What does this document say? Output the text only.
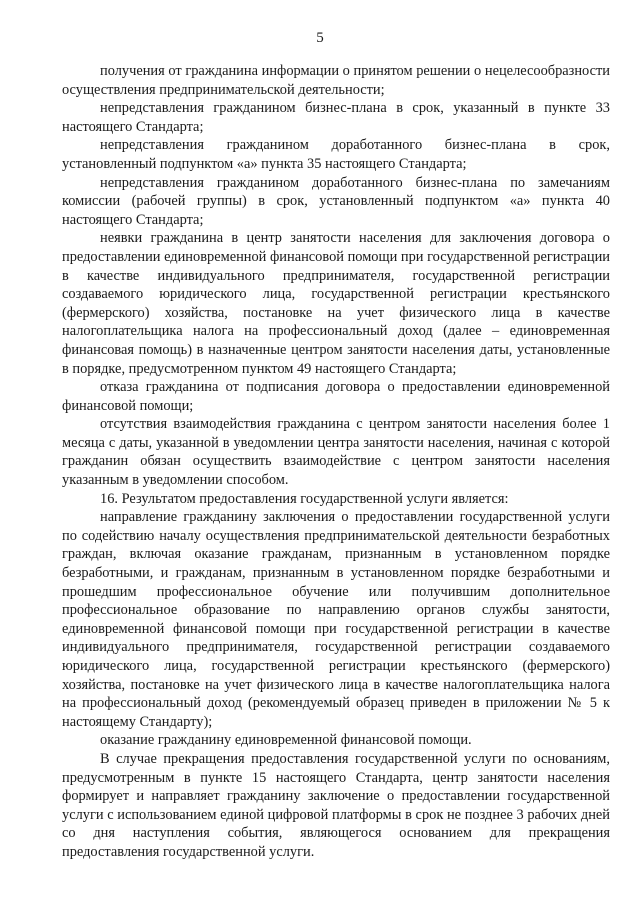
5

получения от гражданина информации о принятом решении о нецелесообразности осуществления предпринимательской деятельности;

непредставления гражданином бизнес-плана в срок, указанный в пункте 33 настоящего Стандарта;

непредставления гражданином доработанного бизнес-плана в срок, установленный подпунктом «а» пункта 35 настоящего Стандарта;

непредставления гражданином доработанного бизнес-плана по замечаниям комиссии (рабочей группы) в срок, установленный подпунктом «а» пункта 40 настоящего Стандарта;

неявки гражданина в центр занятости населения для заключения договора о предоставлении единовременной финансовой помощи при государственной регистрации в качестве индивидуального предпринимателя, государственной регистрации создаваемого юридического лица, государственной регистрации крестьянского (фермерского) хозяйства, постановке на учет физического лица в качестве налогоплательщика налога на профессиональный доход (далее – единовременная финансовая помощь) в назначенные центром занятости населения даты, установленные в порядке, предусмотренном пунктом 49 настоящего Стандарта;

отказа гражданина от подписания договора о предоставлении единовременной финансовой помощи;

отсутствия взаимодействия гражданина с центром занятости населения более 1 месяца с даты, указанной в уведомлении центра занятости населения, начиная с которой гражданин обязан осуществить взаимодействие с центром занятости населения указанным в уведомлении способом.

16. Результатом предоставления государственной услуги является:

направление гражданину заключения о предоставлении государственной услуги по содействию началу осуществления предпринимательской деятельности безработных граждан, включая оказание гражданам, признанным в установленном порядке безработными, и гражданам, признанным в установленном порядке безработными и прошедшим профессиональное обучение или получившим дополнительное профессиональное образование по направлению органов службы занятости, единовременной финансовой помощи при государственной регистрации в качестве индивидуального предпринимателя, государственной регистрации создаваемого юридического лица, государственной регистрации крестьянского (фермерского) хозяйства, постановке на учет физического лица в качестве налогоплательщика налога на профессиональный доход (рекомендуемый образец приведен в приложении № 5 к настоящему Стандарту);

оказание гражданину единовременной финансовой помощи.

В случае прекращения предоставления государственной услуги по основаниям, предусмотренным в пункте 15 настоящего Стандарта, центр занятости населения формирует и направляет гражданину заключение о предоставлении государственной услуги с использованием единой цифровой платформы в срок не позднее 3 рабочих дней со дня наступления события, являющегося основанием для прекращения предоставления государственной услуги.
